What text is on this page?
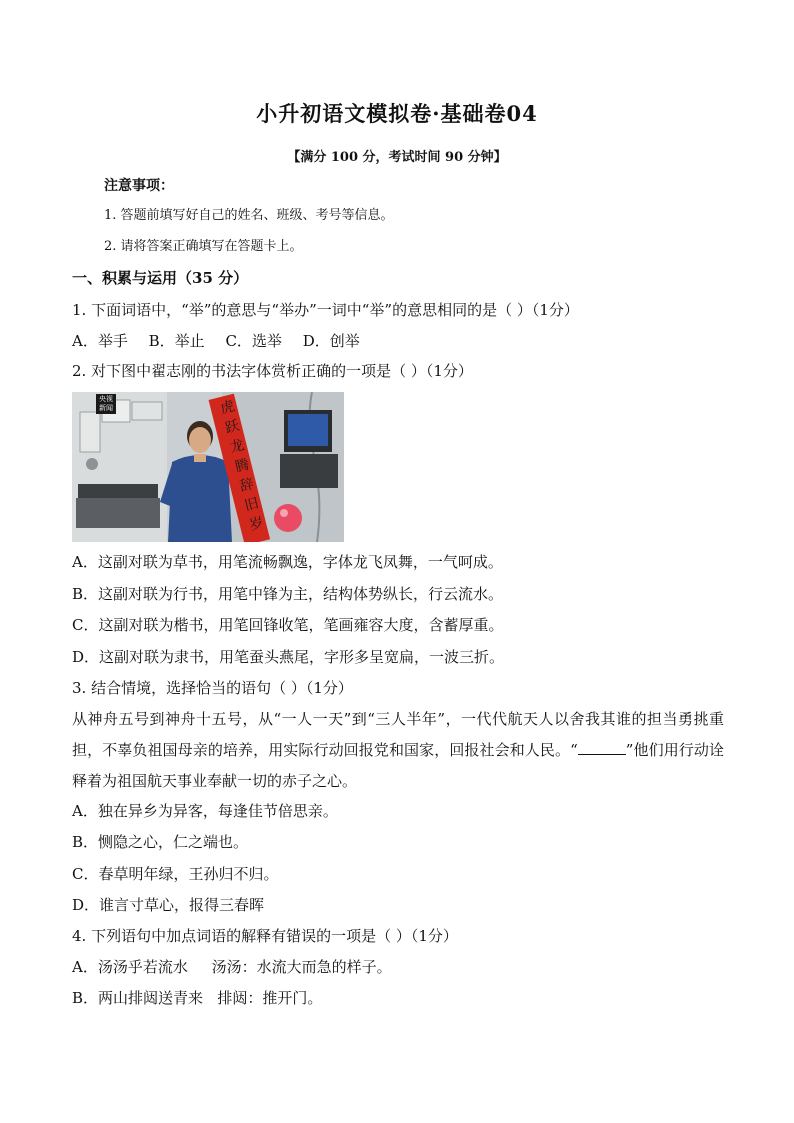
小升初语文模拟卷·基础卷04
【满分 100 分，考试时间 90 分钟】
注意事项：
1. 答题前填写好自己的姓名、班级、考号等信息。
2. 请将答案正确填写在答题卡上。
一、积累与运用（35 分）
1. 下面词语中，“举”的意思与“举办”一词中“举”的意思相同的是（ ）（1分）
A．举手 B．举止 C．选举 D．创举
2. 对下图中翟志刚的书法字体赏析正确的一项是（ ）（1分）
央视新闻	虎
跃
龙
腾
辞
旧
岁
A．这副对联为草书，用笔流畅飘逸，字体龙飞凤舞，一气呵成。
B．这副对联为行书，用笔中锋为主，结构体势纵长，行云流水。
C．这副对联为楷书，用笔回锋收笔，笔画雍容大度，含蓄厚重。
D．这副对联为隶书，用笔蚕头燕尾，字形多呈宽扁，一波三折。
3. 结合情境，选择恰当的语句（ ）（1分）
从神舟五号到神舟十五号，从“一人一天”到“三人半年”，一代代航天人以舍我其谁的担当勇挑重担，不辜负祖国母亲的培养，用实际行动回报党和国家，回报社会和人民。“	”他们用行动诠释着为祖国航天事业奉献一切的赤子之心。
A．独在异乡为异客，每逢佳节倍思亲。
B．恻隐之心，仁之端也。
C．春草明年绿，王孙归不归。
D．谁言寸草心，报得三春晖
4. 下列语句中加点词语的解释有错误的一项是（ ）（1分）
A．汤汤乎若流水     汤汤：水流大而急的样子。
B．两山排闼送青来   排闼：推开门。
